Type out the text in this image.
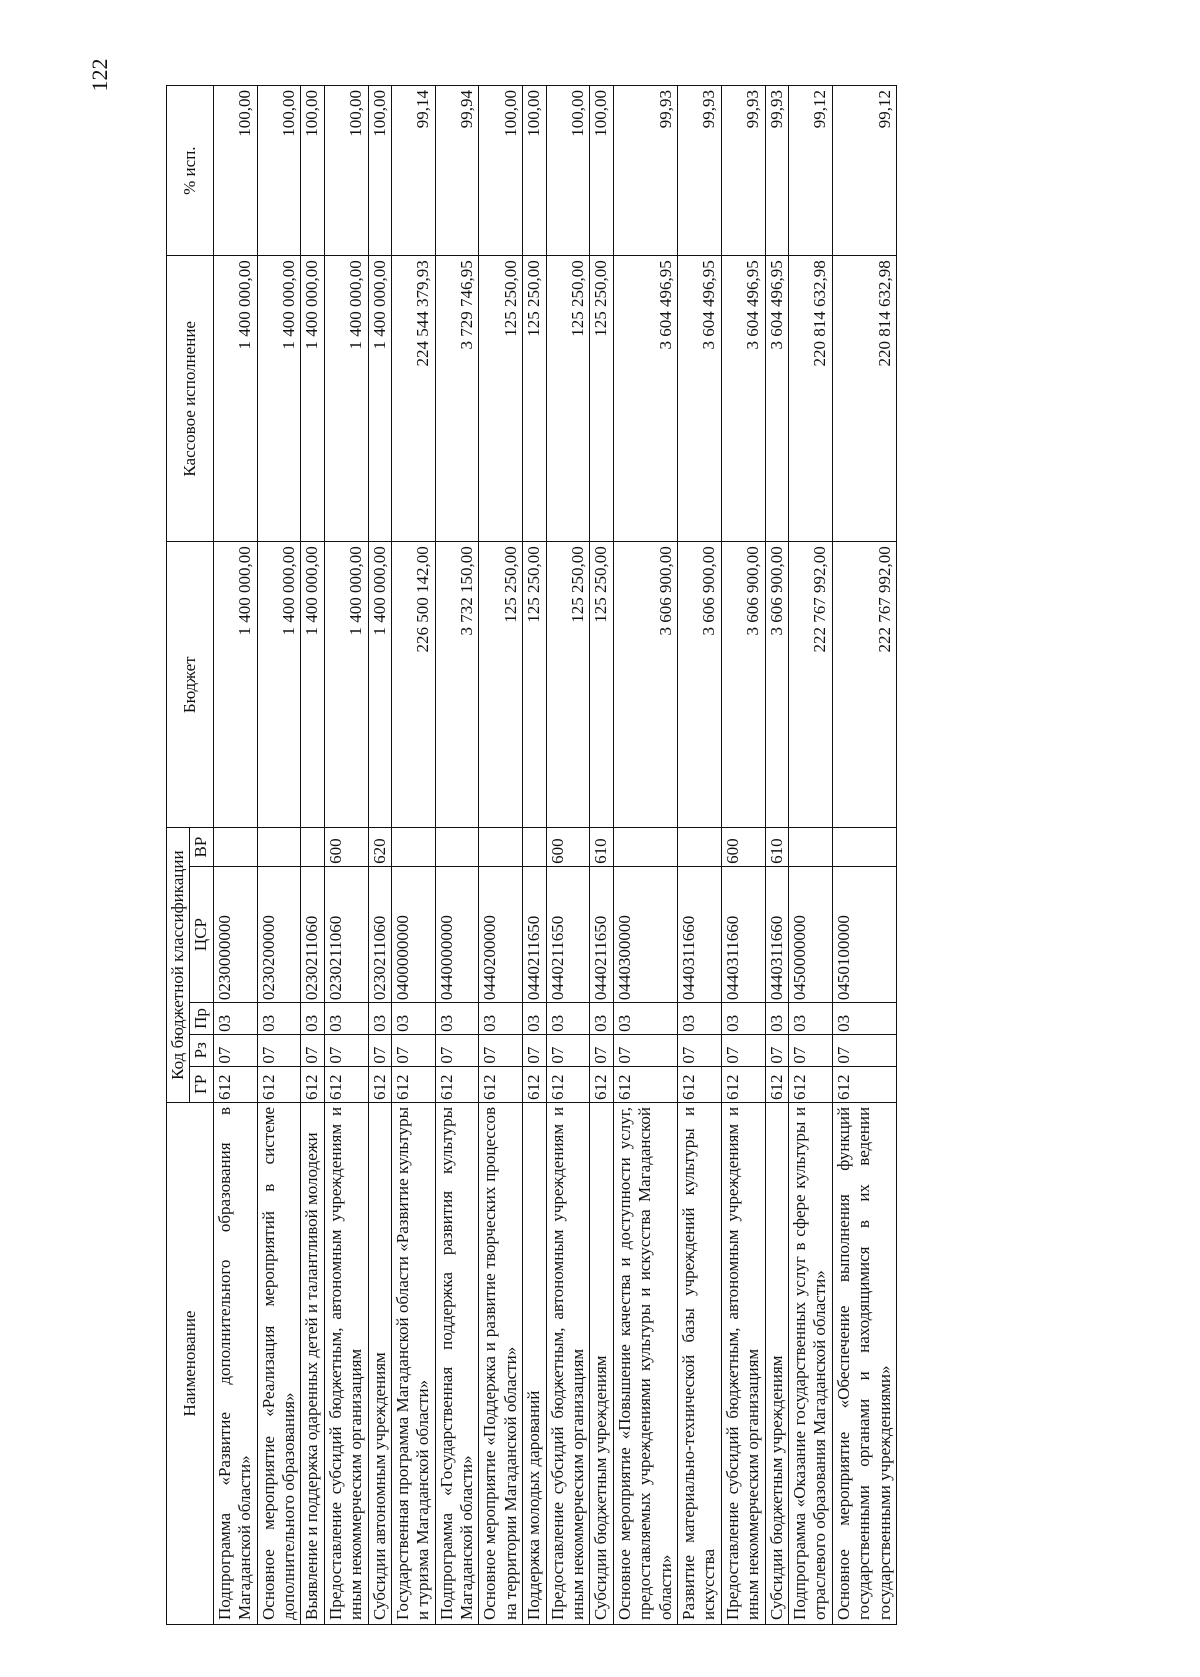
122
Наименование	Код бюджетной классификации					Бюджет	Кассовое исполнение	% исп.
	ГР	Рз	Пр	ЦСР	ВР			
Подпрограмма «Развитие дополнительного образования в Магаданской области»	612	07	03	0230000000		1 400 000,00	1 400 000,00	100,00
Основное мероприятие «Реализация мероприятий в системе дополнительного образования»	612	07	03	0230200000		1 400 000,00	1 400 000,00	100,00
Выявление и поддержка одаренных детей и талантливой молодежи	612	07	03	0230211060		1 400 000,00	1 400 000,00	100,00
Предоставление субсидий бюджетным, автономным учреждениям и иным некоммерческим организациям	612	07	03	0230211060	600	1 400 000,00	1 400 000,00	100,00
Субсидии автономным учреждениям	612	07	03	0230211060	620	1 400 000,00	1 400 000,00	100,00
Государственная программа Магаданской области «Развитие культуры и туризма Магаданской области»	612	07	03	0400000000		226 500 142,00	224 544 379,93	99,14
Подпрограмма «Государственная поддержка развития культуры Магаданской области»	612	07	03	0440000000		3 732 150,00	3 729 746,95	99,94
Основное мероприятие «Поддержка и развитие творческих процессов на территории Магаданской области»	612	07	03	0440200000		125 250,00	125 250,00	100,00
Поддержка молодых дарований	612	07	03	0440211650		125 250,00	125 250,00	100,00
Предоставление субсидий бюджетным, автономным учреждениям и иным некоммерческим организациям	612	07	03	0440211650	600	125 250,00	125 250,00	100,00
Субсидии бюджетным учреждениям	612	07	03	0440211650	610	125 250,00	125 250,00	100,00
Основное мероприятие «Повышение качества и доступности услуг, предоставляемых учреждениями культуры и искусства Магаданской области»	612	07	03	0440300000		3 606 900,00	3 604 496,95	99,93
Развитие материально-технической базы учреждений культуры и искусства	612	07	03	0440311660		3 606 900,00	3 604 496,95	99,93
Предоставление субсидий бюджетным, автономным учреждениям и иным некоммерческим организациям	612	07	03	0440311660	600	3 606 900,00	3 604 496,95	99,93
Субсидии бюджетным учреждениям	612	07	03	0440311660	610	3 606 900,00	3 604 496,95	99,93
Подпрограмма «Оказание государственных услуг в сфере культуры и отраслевого образования Магаданской области»	612	07	03	0450000000		222 767 992,00	220 814 632,98	99,12
Основное мероприятие «Обеспечение выполнения функций государственными органами и находящимися в их ведении государственными учреждениями»	612	07	03	0450100000		222 767 992,00	220 814 632,98	99,12
